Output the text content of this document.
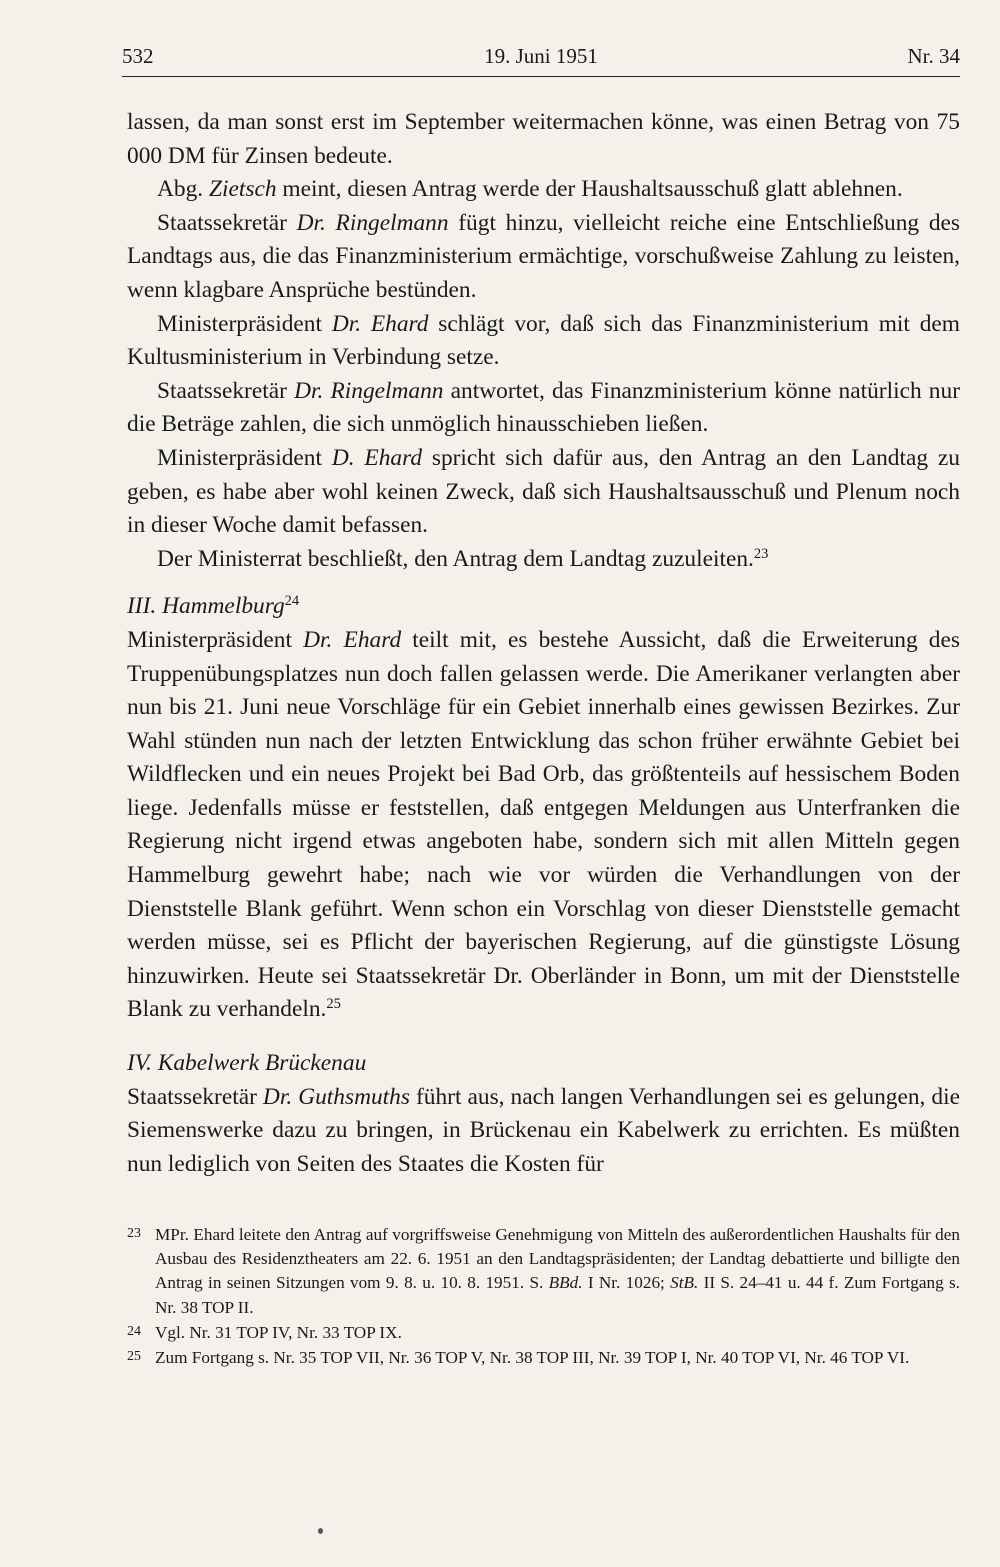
532	19. Juni 1951	Nr. 34

lassen, da man sonst erst im September weitermachen könne, was einen Betrag von 75 000 DM für Zinsen bedeute.

Abg. Zietsch meint, diesen Antrag werde der Haushaltsausschuß glatt ablehnen.

Staatssekretär Dr. Ringelmann fügt hinzu, vielleicht reiche eine Entschließung des Landtags aus, die das Finanzministerium ermächtige, vorschußweise Zahlung zu leisten, wenn klagbare Ansprüche bestünden.

Ministerpräsident Dr. Ehard schlägt vor, daß sich das Finanzministerium mit dem Kultusministerium in Verbindung setze.

Staatssekretär Dr. Ringelmann antwortet, das Finanzministerium könne natürlich nur die Beträge zahlen, die sich unmöglich hinausschieben ließen.

Ministerpräsident D. Ehard spricht sich dafür aus, den Antrag an den Landtag zu geben, es habe aber wohl keinen Zweck, daß sich Haushaltsausschuß und Plenum noch in dieser Woche damit befassen.

Der Ministerrat beschließt, den Antrag dem Landtag zuzuleiten.$^{23}$

III. Hammelburg$^{24}$

Ministerpräsident Dr. Ehard teilt mit, es bestehe Aussicht, daß die Erweiterung des Truppenübungsplatzes nun doch fallen gelassen werde. Die Amerikaner verlangten aber nun bis 21. Juni neue Vorschläge für ein Gebiet innerhalb eines gewissen Bezirkes. Zur Wahl stünden nun nach der letzten Entwicklung das schon früher erwähnte Gebiet bei Wildflecken und ein neues Projekt bei Bad Orb, das größtenteils auf hessischem Boden liege. Jedenfalls müsse er feststellen, daß entgegen Meldungen aus Unterfranken die Regierung nicht irgend etwas angeboten habe, sondern sich mit allen Mitteln gegen Hammelburg gewehrt habe; nach wie vor würden die Verhandlungen von der Dienststelle Blank geführt. Wenn schon ein Vorschlag von dieser Dienststelle gemacht werden müsse, sei es Pflicht der bayerischen Regierung, auf die günstigste Lösung hinzuwirken. Heute sei Staatssekretär Dr. Oberländer in Bonn, um mit der Dienststelle Blank zu verhandeln.$^{25}$

IV. Kabelwerk Brückenau

Staatssekretär Dr. Guthsmuths führt aus, nach langen Verhandlungen sei es gelungen, die Siemenswerke dazu zu bringen, in Brückenau ein Kabelwerk zu errichten. Es müßten nun lediglich von Seiten des Staates die Kosten für

23 MPr. Ehard leitete den Antrag auf vorgriffsweise Genehmigung von Mitteln des außerordentlichen Haushalts für den Ausbau des Residenztheaters am 22. 6. 1951 an den Landtagspräsidenten; der Landtag debattierte und billigte den Antrag in seinen Sitzungen vom 9. 8. u. 10. 8. 1951. S. BBd. I Nr. 1026; StB. II S. 24–41 u. 44 f. Zum Fortgang s. Nr. 38 TOP II.

24 Vgl. Nr. 31 TOP IV, Nr. 33 TOP IX.

25 Zum Fortgang s. Nr. 35 TOP VII, Nr. 36 TOP V, Nr. 38 TOP III, Nr. 39 TOP I, Nr. 40 TOP VI, Nr. 46 TOP VI.
